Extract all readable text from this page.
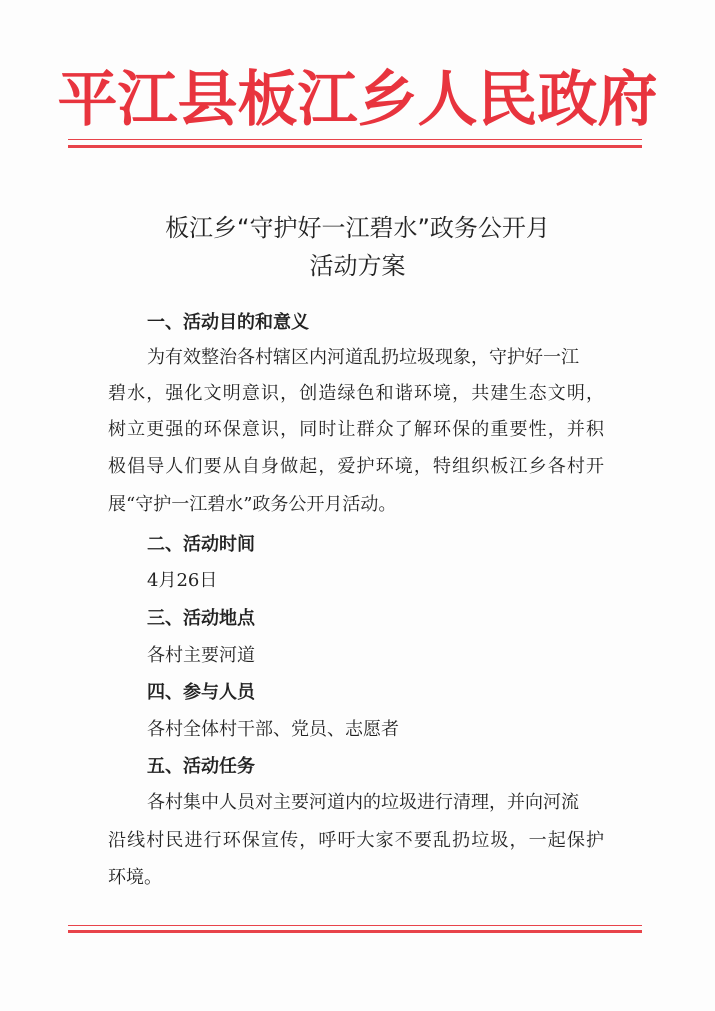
平江县板江乡人民政府
板江乡“守护好一江碧水”政务公开月
活动方案
一、活动目的和意义
为有效整治各村辖区内河道乱扔垃圾现象，守护好一江
碧水，强化文明意识，创造绿色和谐环境，共建生态文明，
树立更强的环保意识，同时让群众了解环保的重要性，并积
极倡导人们要从自身做起，爱护环境，特组织板江乡各村开
展“守护一江碧水”政务公开月活动。
二、活动时间
4月26日
三、活动地点
各村主要河道
四、参与人员
各村全体村干部、党员、志愿者
五、活动任务
各村集中人员对主要河道内的垃圾进行清理，并向河流
沿线村民进行环保宣传，呼吁大家不要乱扔垃圾，一起保护
环境。
